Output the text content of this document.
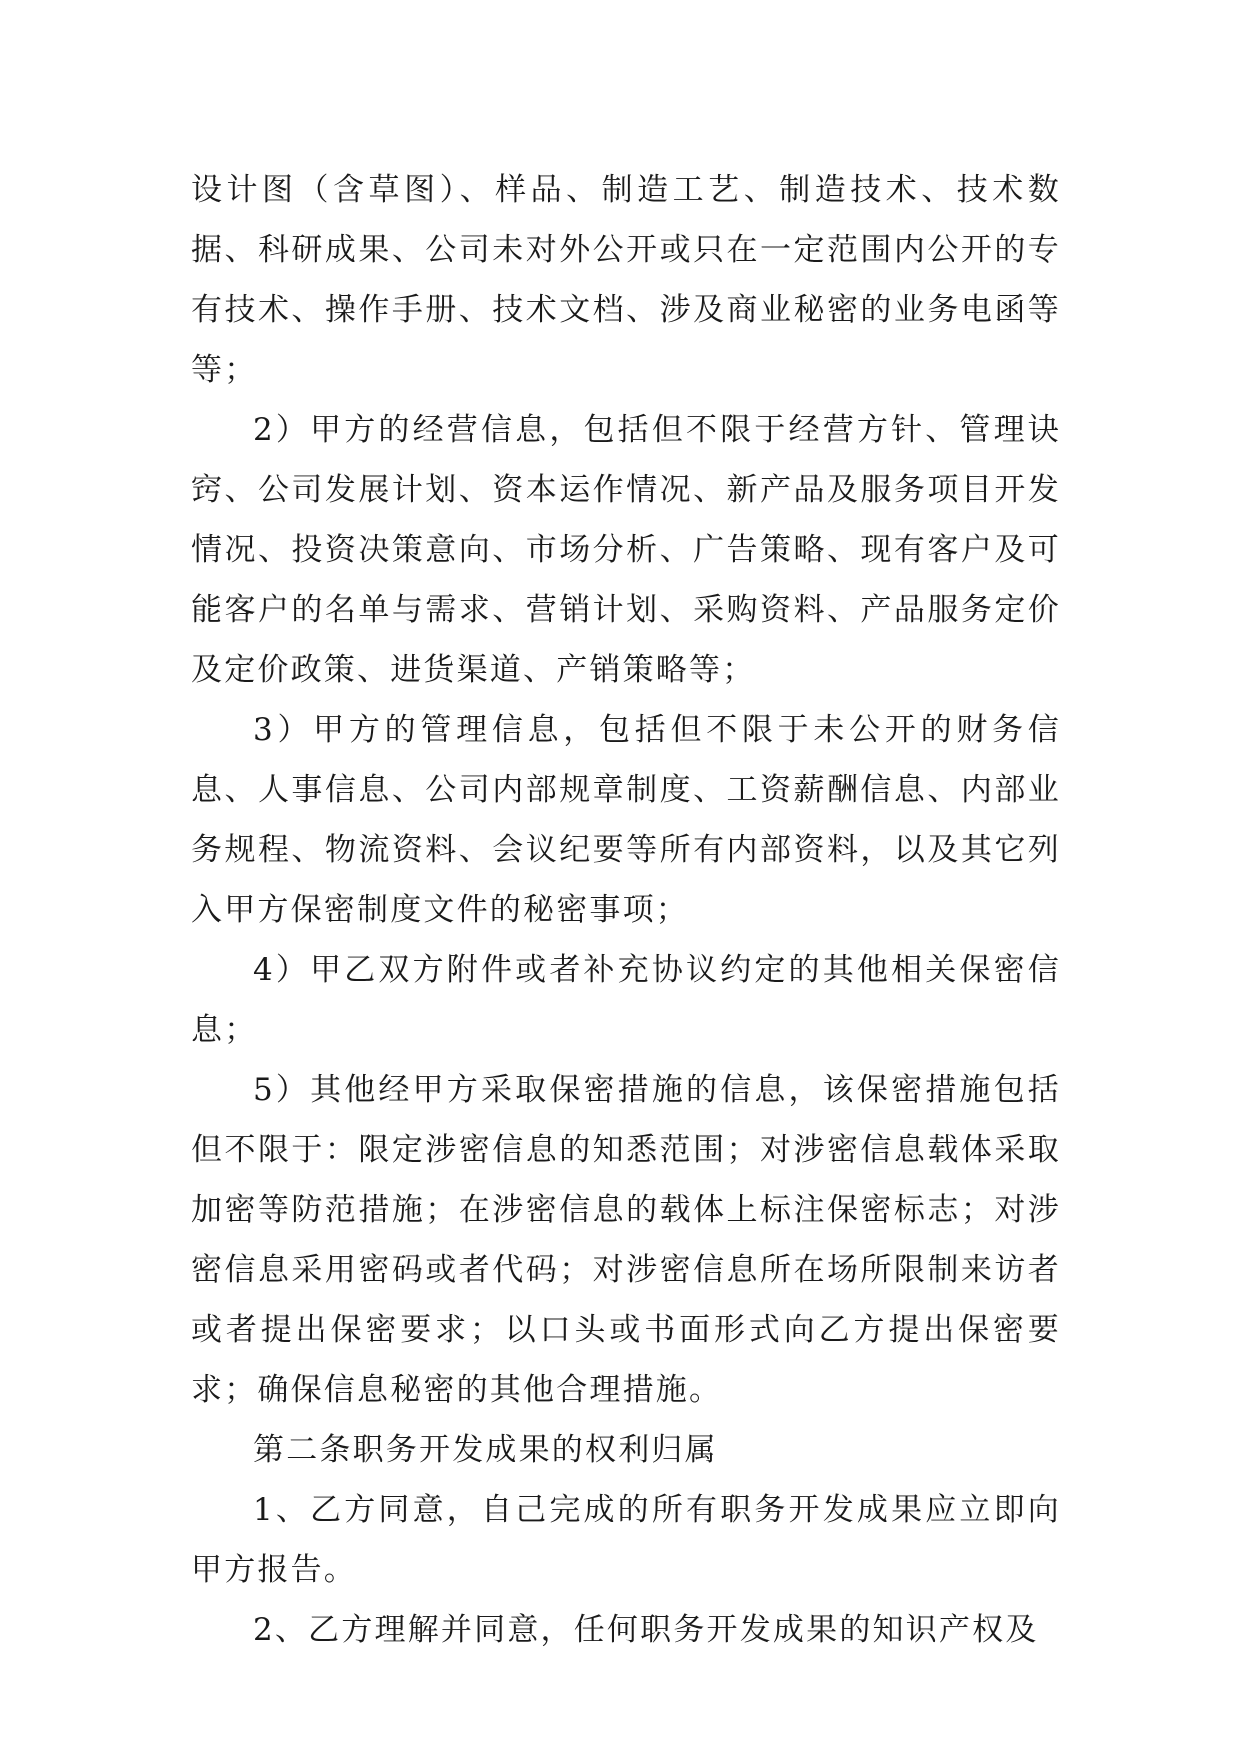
设计图（含草图）、样品、制造工艺、制造技术、技术数据、科研成果、公司未对外公开或只在一定范围内公开的专有技术、操作手册、技术文档、涉及商业秘密的业务电函等等；

2）甲方的经营信息，包括但不限于经营方针、管理诀窍、公司发展计划、资本运作情况、新产品及服务项目开发情况、投资决策意向、市场分析、广告策略、现有客户及可能客户的名单与需求、营销计划、采购资料、产品服务定价及定价政策、进货渠道、产销策略等；

3）甲方的管理信息，包括但不限于未公开的财务信息、人事信息、公司内部规章制度、工资薪酬信息、内部业务规程、物流资料、会议纪要等所有内部资料，以及其它列入甲方保密制度文件的秘密事项；

4）甲乙双方附件或者补充协议约定的其他相关保密信息；

5）其他经甲方采取保密措施的信息，该保密措施包括但不限于：限定涉密信息的知悉范围；对涉密信息载体采取加密等防范措施；在涉密信息的载体上标注保密标志；对涉密信息采用密码或者代码；对涉密信息所在场所限制来访者或者提出保密要求；以口头或书面形式向乙方提出保密要求；确保信息秘密的其他合理措施。

第二条职务开发成果的权利归属

1、乙方同意，自己完成的所有职务开发成果应立即向甲方报告。

2、乙方理解并同意，任何职务开发成果的知识产权及
